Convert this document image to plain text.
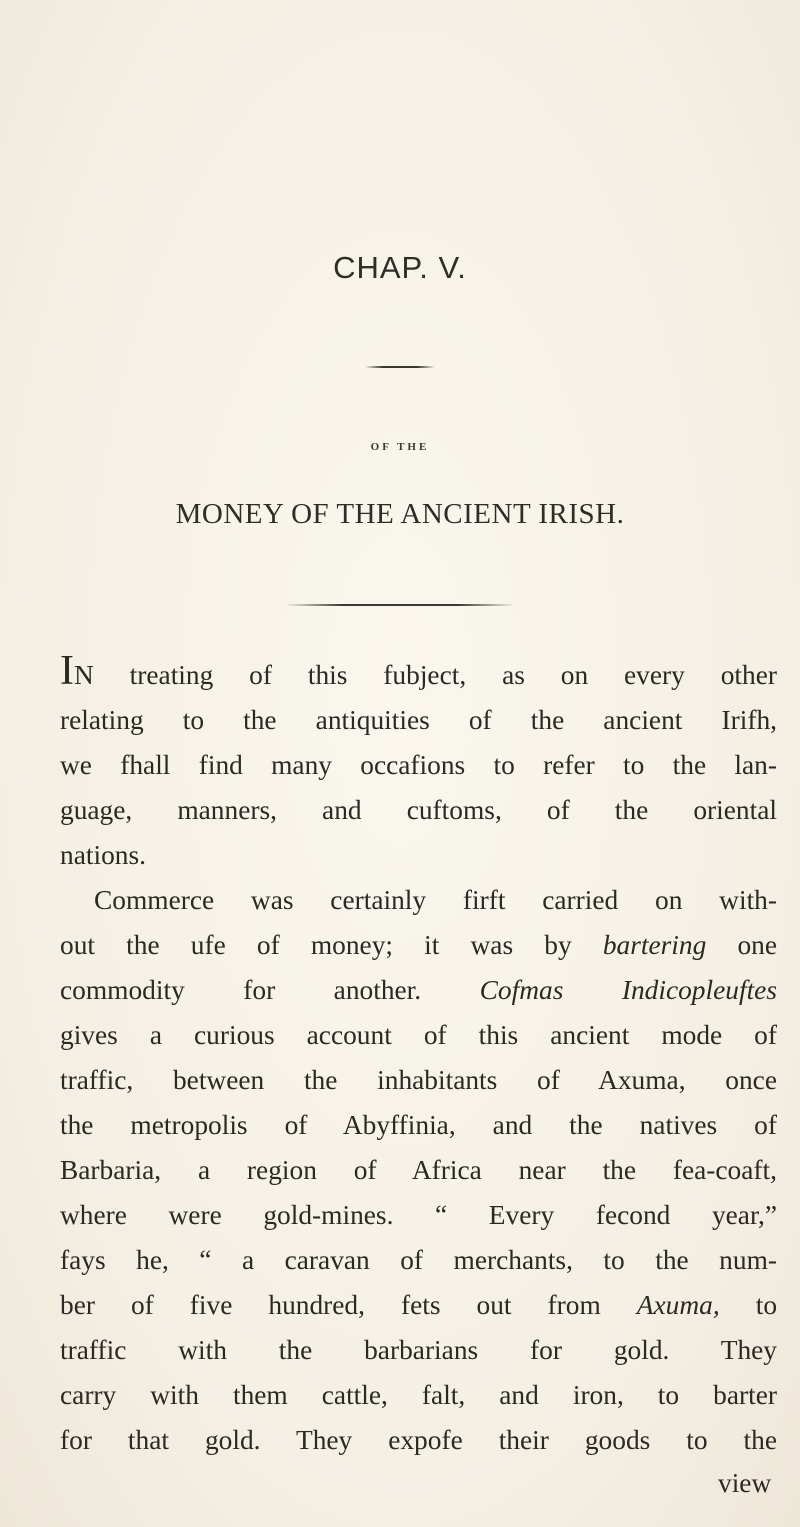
CHAP. V.
OF THE
MONEY OF THE ANCIENT IRISH.
IN treating of this fubject, as on every other
relating to the antiquities of the ancient Irifh,
we fhall find many occafions to refer to the lan-
guage, manners, and cuftoms, of the oriental
nations.
Commerce was certainly firft carried on with-
out the ufe of money; it was by bartering one
commodity for another. Cofmas Indicopleuftes
gives a curious account of this ancient mode of
traffic, between the inhabitants of Axuma, once
the metropolis of Abyffinia, and the natives of
Barbaria, a region of Africa near the fea-coaft,
where were gold-mines. “ Every fecond year,”
fays he, “ a caravan of merchants, to the num-
ber of five hundred, fets out from Axuma, to
traffic with the barbarians for gold. They
carry with them cattle, falt, and iron, to barter
for that gold. They expofe their goods to the
view
